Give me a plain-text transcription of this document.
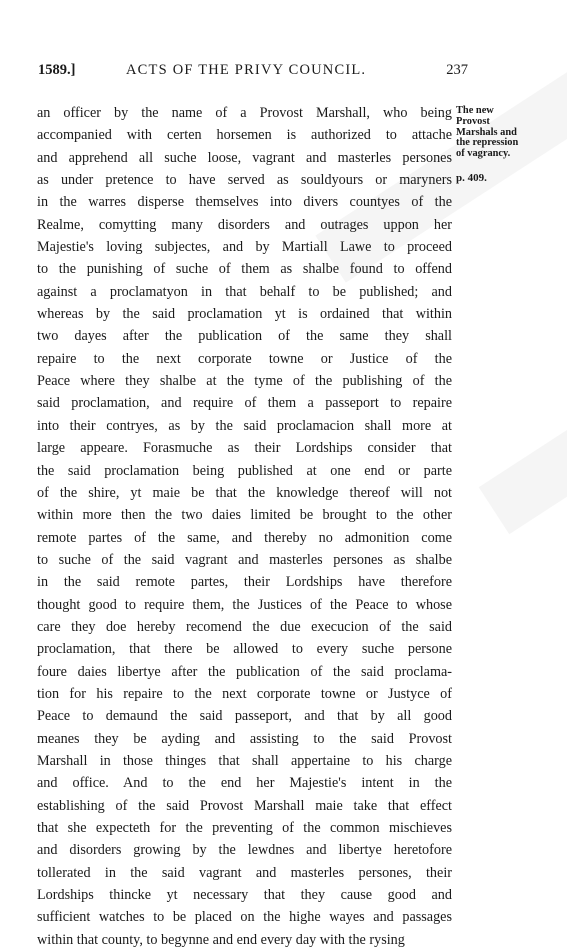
1589.]	ACTS OF THE PRIVY COUNCIL.	237
The new
Provost
Marshals and
the repression
of vagrancy.
p. 409.
an officer by the name of a Provost Marshall, who being
accompanied with certen horsemen is authorized to attache
and apprehend all suche loose, vagrant and masterles persones
as under pretence to have served as souldyours or maryners
in the warres disperse themselves into divers countyes of the
Realme, comytting many disorders and outrages uppon her
Majestie's loving subjectes, and by Martiall Lawe to proceed
to the punishing of suche of them as shalbe found to offend
against a proclamatyon in that behalf to be published; and
whereas by the said proclamation yt is ordained that within
two dayes after the publication of the same they shall
repaire to the next corporate towne or Justice of the
Peace where they shalbe at the tyme of the publishing of the
said proclamation, and require of them a passeport to repaire
into their contryes, as by the said proclamacion shall more at
large appeare. Forasmuche as their Lordships consider that
the said proclamation being published at one end or parte
of the shire, yt maie be that the knowledge thereof will not
within more then the two daies limited be brought to the other
remote partes of the same, and thereby no admonition come
to suche of the said vagrant and masterles persones as shalbe
in the said remote partes, their Lordships have therefore
thought good to require them, the Justices of the Peace to whose
care they doe hereby recomend the due execucion of the said
proclamation, that there be allowed to every suche persone
foure daies libertye after the publication of the said proclama-
tion for his repaire to the next corporate towne or Justyce of
Peace to demaund the said passeport, and that by all good
meanes they be ayding and assisting to the said Provost
Marshall in those thinges that shall appertaine to his charge
and office. And to the end her Majestie's intent in the
establishing of the said Provost Marshall maie take that effect
that she expecteth for the preventing of the common mischieves
and disorders growing by the lewdnes and libertye heretofore
tollerated in the said vagrant and masterles persones, their
Lordships thincke yt necessary that they cause good and
sufficient watches to be placed on the highe wayes and passages
within that county, to begynne and end every day with the rysing
